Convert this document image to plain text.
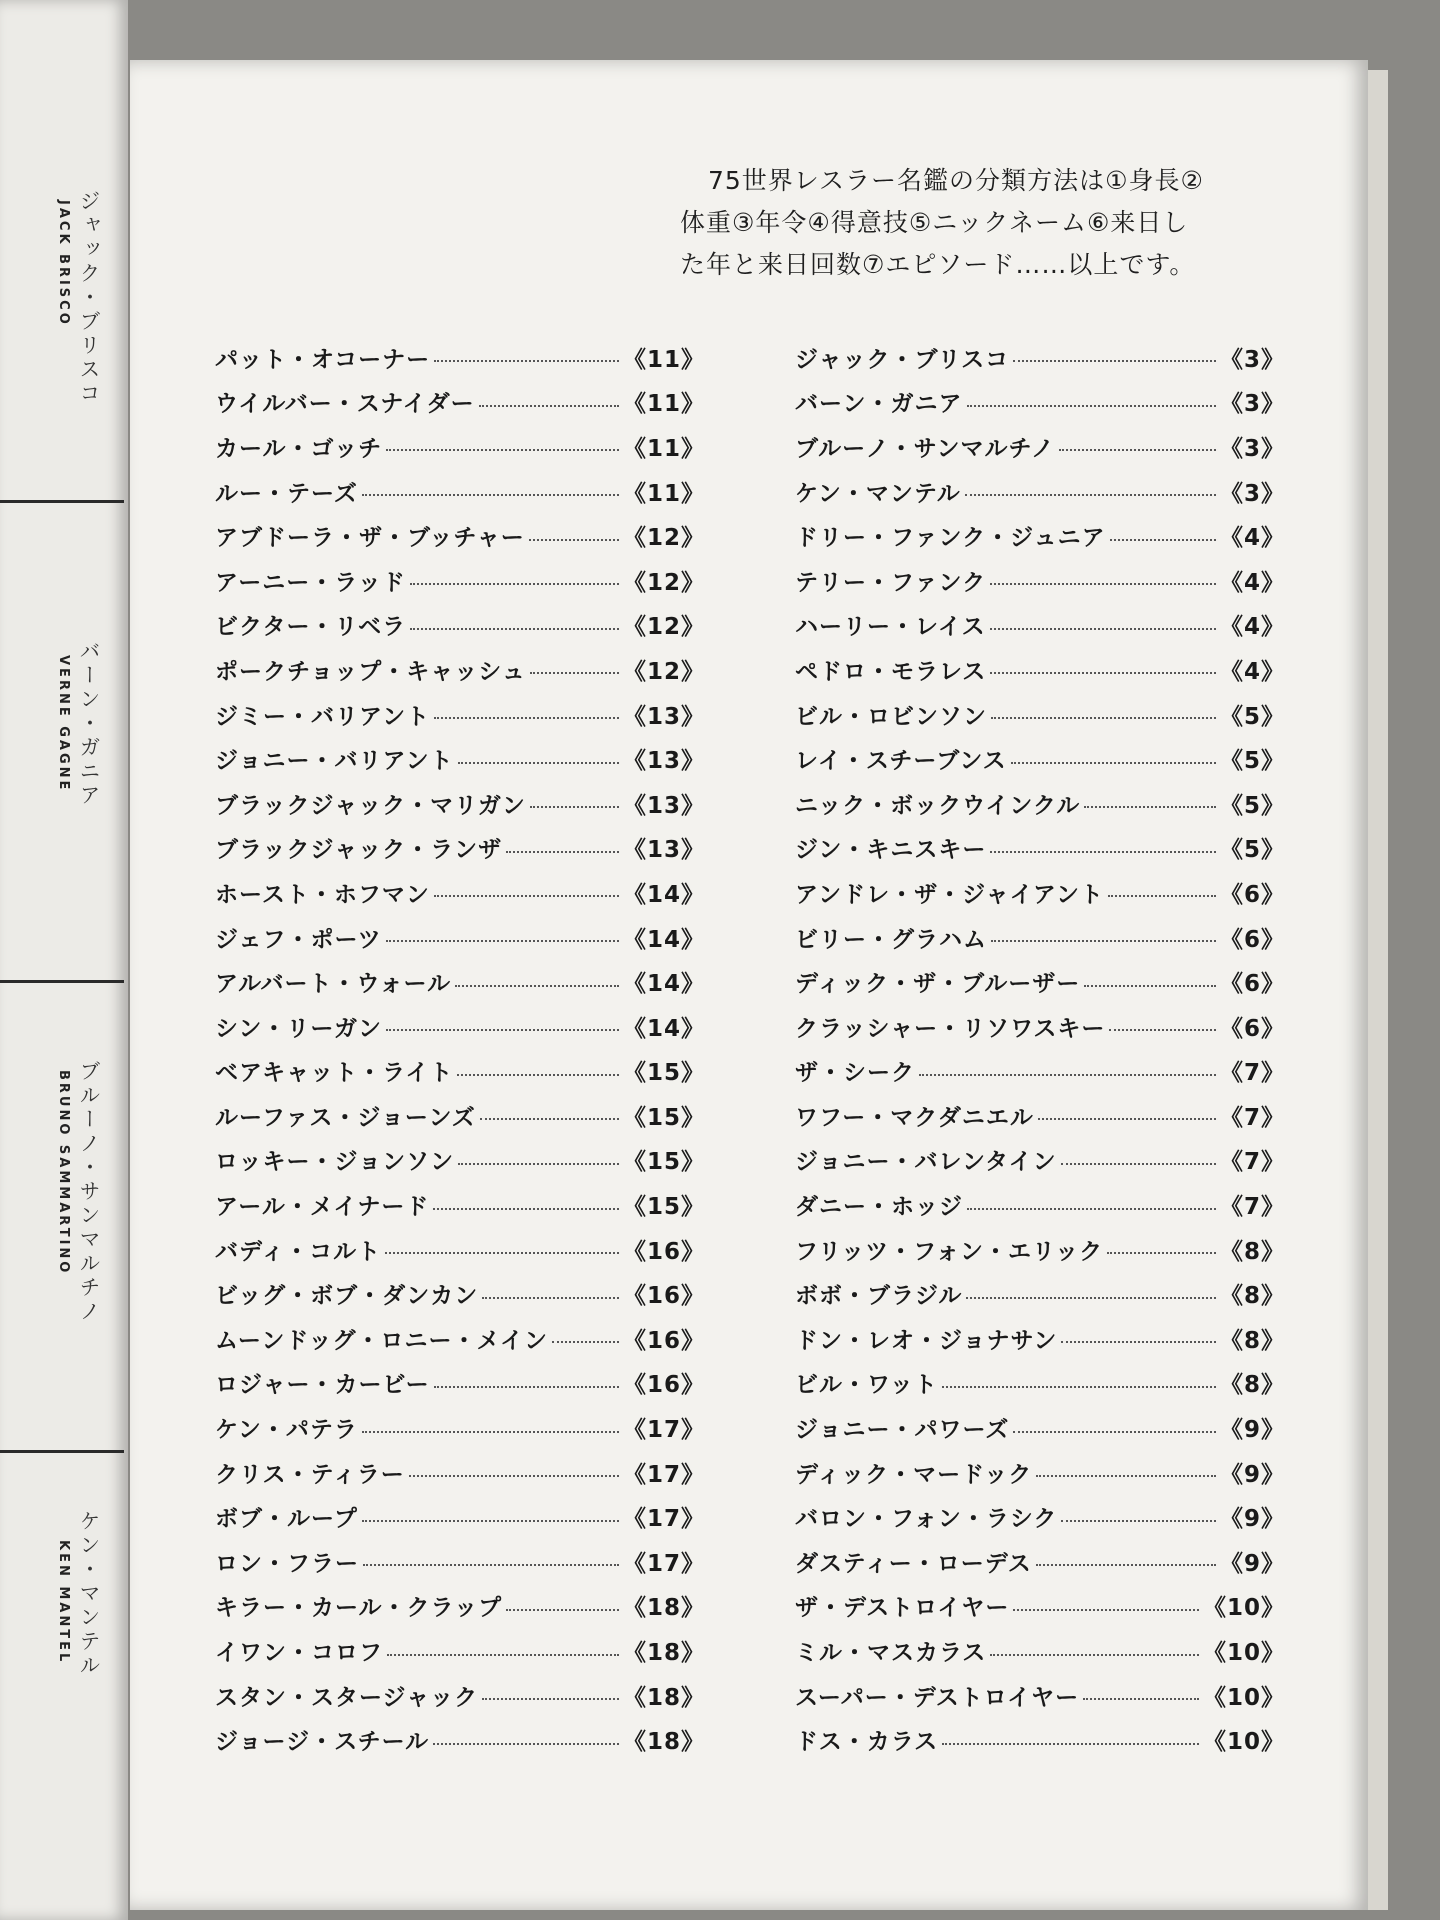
ジャック・ブリスコ
JACK BRISCO
バーン・ガニア
VERNE GAGNE
ブルーノ・サンマルチノ
BRUNO SAMMARTINO
ケン・マンテル
KEN MANTEL
75世界レスラー名鑑の分類方法は①身長②
体重③年令④得意技⑤ニックネーム⑥来日し
た年と来日回数⑦エピソード……以上です。
パット・オコーナー	《11》
ウイルバー・スナイダー	《11》
カール・ゴッチ	《11》
ルー・テーズ	《11》
アブドーラ・ザ・ブッチャー	《12》
アーニー・ラッド	《12》
ビクター・リベラ	《12》
ポークチョップ・キャッシュ	《12》
ジミー・バリアント	《13》
ジョニー・バリアント	《13》
ブラックジャック・マリガン	《13》
ブラックジャック・ランザ	《13》
ホースト・ホフマン	《14》
ジェフ・ポーツ	《14》
アルバート・ウォール	《14》
シン・リーガン	《14》
ベアキャット・ライト	《15》
ルーファス・ジョーンズ	《15》
ロッキー・ジョンソン	《15》
アール・メイナード	《15》
バディ・コルト	《16》
ビッグ・ボブ・ダンカン	《16》
ムーンドッグ・ロニー・メイン	《16》
ロジャー・カービー	《16》
ケン・パテラ	《17》
クリス・ティラー	《17》
ボブ・ループ	《17》
ロン・フラー	《17》
キラー・カール・クラップ	《18》
イワン・コロフ	《18》
スタン・スタージャック	《18》
ジョージ・スチール	《18》
ジャック・ブリスコ	《3》
バーン・ガニア	《3》
ブルーノ・サンマルチノ	《3》
ケン・マンテル	《3》
ドリー・ファンク・ジュニア	《4》
テリー・ファンク	《4》
ハーリー・レイス	《4》
ペドロ・モラレス	《4》
ビル・ロビンソン	《5》
レイ・スチーブンス	《5》
ニック・ボックウインクル	《5》
ジン・キニスキー	《5》
アンドレ・ザ・ジャイアント	《6》
ビリー・グラハム	《6》
ディック・ザ・ブルーザー	《6》
クラッシャー・リソワスキー	《6》
ザ・シーク	《7》
ワフー・マクダニエル	《7》
ジョニー・バレンタイン	《7》
ダニー・ホッジ	《7》
フリッツ・フォン・エリック	《8》
ボボ・ブラジル	《8》
ドン・レオ・ジョナサン	《8》
ビル・ワット	《8》
ジョニー・パワーズ	《9》
ディック・マードック	《9》
バロン・フォン・ラシク	《9》
ダスティー・ローデス	《9》
ザ・デストロイヤー	《10》
ミル・マスカラス	《10》
スーパー・デストロイヤー	《10》
ドス・カラス	《10》
